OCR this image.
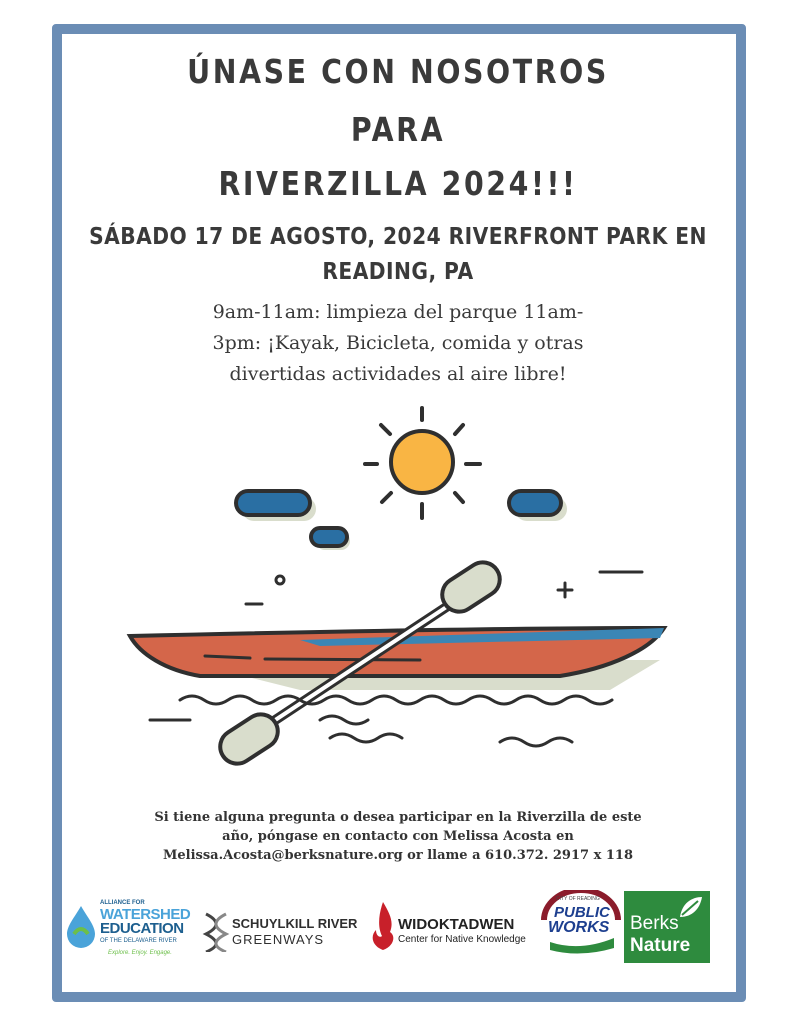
ÚNASE CON NOSOTROS
PARA
RIVERZILLA 2024!!!
SÁBADO 17 DE AGOSTO, 2024 RIVERFRONT PARK EN
READING, PA
9am-11am: limpieza del parque 11am-
3pm: ¡Kayak, Bicicleta, comida y otras
divertidas actividades al aire libre!
Si tiene alguna pregunta o desea participar en la Riverzilla de este
año, póngase en contacto con Melissa Acosta en
Melissa.Acosta@berksnature.org or llame a 610.372. 2917 x 118
ALLIANCE FOR
WATERSHED
EDUCATION
OF THE DELAWARE RIVER
Explore. Enjoy. Engage.
SCHUYLKILL RIVER
GREENWAYS
WIDOKTADWEN
Center for Native Knowledge
CITY OF READING
PUBLIC
WORKS Berks
Nature
